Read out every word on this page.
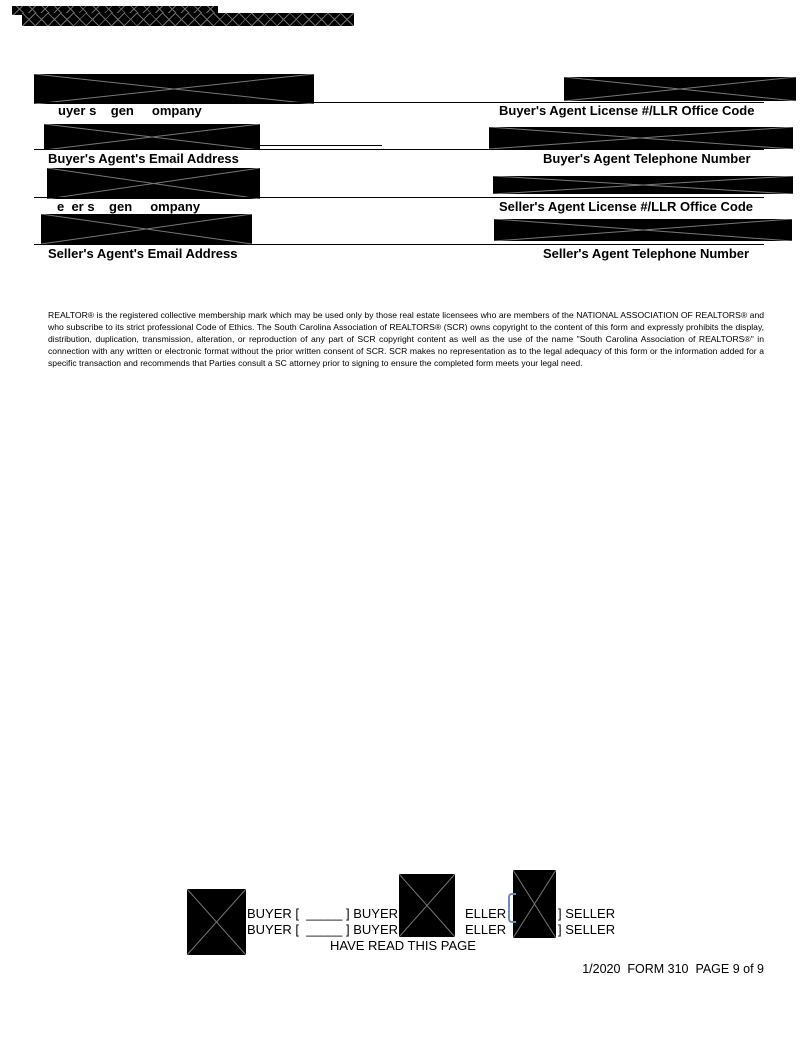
uyer s    gen     ompany	Buyer's Agent License #/LLR Office Code
Buyer's Agent's Email Address	Buyer's Agent Telephone Number
e  er s    gen     ompany	Seller's Agent License #/LLR Office Code
Seller's Agent's Email Address	Seller's Agent Telephone Number
REALTOR® is the registered collective membership mark which may be used only by those real estate licensees who are members of the NATIONAL ASSOCIATION OF REALTORS® and who subscribe to its strict professional Code of Ethics. The South Carolina Association of REALTORS® (SCR) owns copyright to the content of this form and expressly prohibits the display, distribution, duplication, transmission, alteration, or reproduction of any part of SCR copyright content as well as the use of the name "South Carolina Association of REALTORS®" in connection with any written or electronic format without the prior written consent of SCR. SCR makes no representation as to the legal adequacy of this form or the information added for a specific transaction and recommends that Parties consult a SC attorney prior to signing to ensure the completed form meets your legal need.
BUYER [  _____ ] BUYER	ELLER	] SELLER
BUYER [  _____ ] BUYER	ELLER	] SELLER
HAVE READ THIS PAGE
1/2020  FORM 310  PAGE 9 of 9
